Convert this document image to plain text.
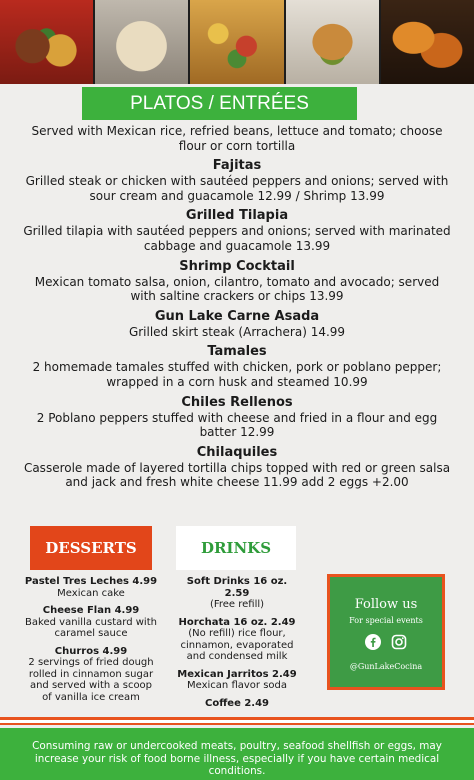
PLATOS / ENTRÉES

Served with Mexican rice, refried beans, lettuce and tomato; choose flour or corn tortilla

Fajitas

Grilled steak or chicken with sautéed peppers and onions; served with sour cream and guacamole 12.99 / Shrimp 13.99

Grilled Tilapia

Grilled tilapia with sautéed peppers and onions; served with marinated cabbage and guacamole 13.99

Shrimp Cocktail

Mexican tomato salsa, onion, cilantro, tomato and avocado; served with saltine crackers or chips 13.99

Gun Lake Carne Asada

Grilled skirt steak (Arrachera) 14.99

Tamales

2 homemade tamales stuffed with chicken, pork or poblano pepper; wrapped in a corn husk and steamed 10.99

Chiles Rellenos

2 Poblano peppers stuffed with cheese and fried in a flour and egg batter 12.99

Chilaquiles

Casserole made of layered tortilla chips topped with red or green salsa and jack and fresh white cheese 11.99 add 2 eggs +2.00

DESSERTS	DRINKS
Pastel Tres Leches 4.99
Mexican cake
Cheese Flan 4.99
Baked vanilla custard with caramel sauce
Churros 4.99
2 servings of fried dough rolled in cinnamon sugar and served with a scoop of vanilla ice cream
Soft Drinks 16 oz. 2.59
(Free refill)
Horchata 16 oz. 2.49
(No refill) rice flour, cinnamon, evaporated and condensed milk
Mexican Jarritos 2.49
Mexican flavor soda
Coffee 2.49
Follow us
For special events
@GunLakeCocina
Consuming raw or undercooked meats, poultry, seafood shellfish or eggs, may increase your risk of food borne illness, especially if you have certain medical conditions.
